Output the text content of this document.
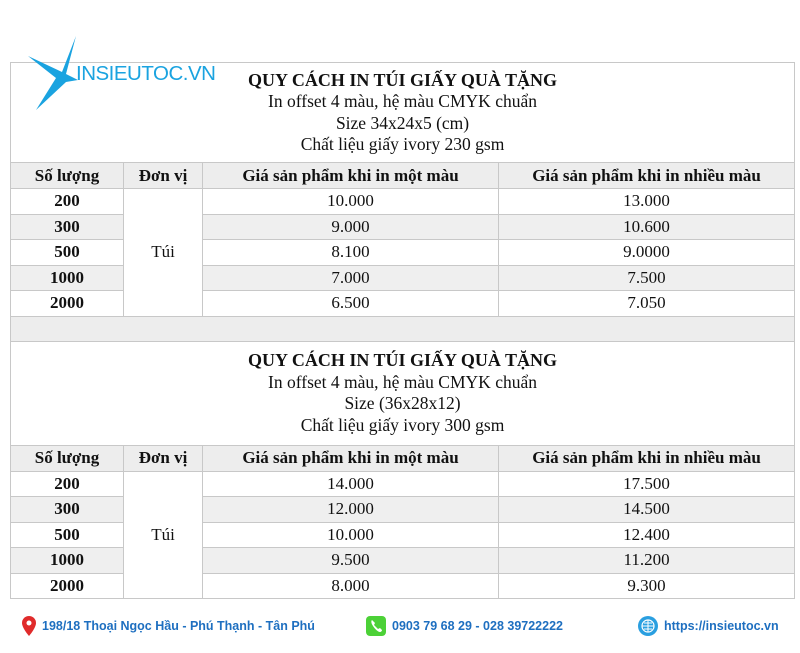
QUY CÁCH IN TÚI GIẤY QUÀ TẶNG
In offset 4 màu, hệ màu CMYK chuẩn
Size 34x24x5 (cm)
Chất liệu giấy ivory 230 gsm			

Số lượng	Đơn vị	Giá sản phẩm khi in một màu	Giá sản phẩm khi in nhiều màu
200	Túi	10.000	13.000
300		9.000	10.600
500		8.100	9.0000
1000		7.000	7.500
2000		6.500	7.050

QUY CÁCH IN TÚI GIẤY QUÀ TẶNG
In offset 4 màu, hệ màu CMYK chuẩn
Size (36x28x12)
Chất liệu giấy ivory 300 gsm			

Số lượng	Đơn vị	Giá sản phẩm khi in một màu	Giá sản phẩm khi in nhiều màu
200	Túi	14.000	17.500
300		12.000	14.500
500		10.000	12.400
1000		9.500	11.200
2000		8.000	9.300
INSIEUTOC.VN
198/18 Thoại Ngọc Hầu - Phú Thạnh - Tân Phú	0903 79 68 29 - 028 39722222	https://insieutoc.vn
